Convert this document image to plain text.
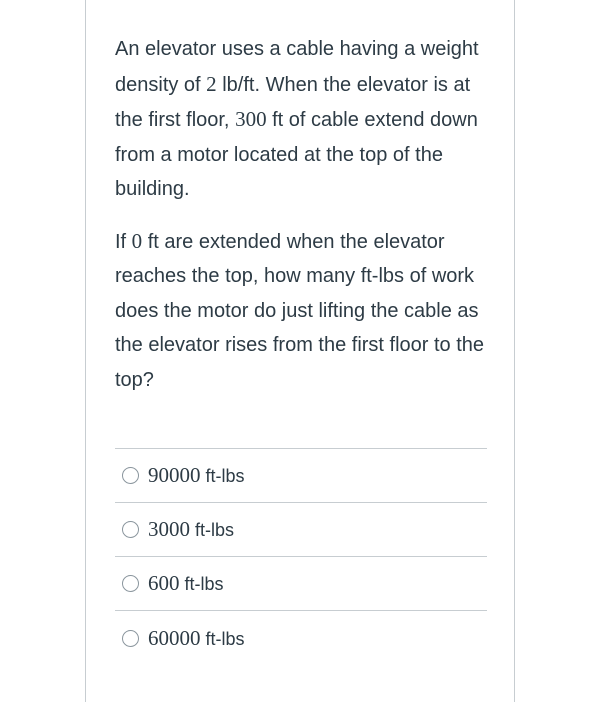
An elevator uses a cable having a weight density of 2 lb/ft. When the elevator is at the first floor, 300 ft of cable extend down from a motor located at the top of the building.

If 0 ft are extended when the elevator reaches the top, how many ft-lbs of work does the motor do just lifting the cable as the elevator rises from the first floor to the top?

90000 ft-lbs
3000 ft-lbs
600 ft-lbs
60000 ft-lbs
